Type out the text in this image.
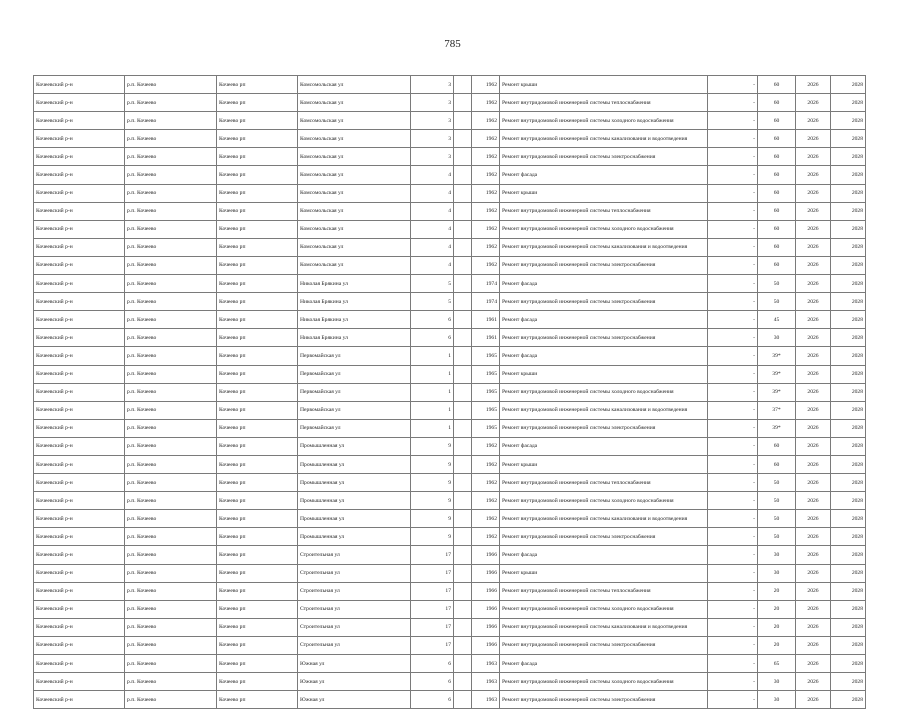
785
Кочеевский р-н	р.п. Кочеево	Кочеево рп	Комсомольская ул	3		1962	Ремонт крыши	-	60	2026	2028
Кочеевский р-н	р.п. Кочеево	Кочеево рп	Комсомольская ул	3		1962	Ремонт внутридомовой инженерной системы теплоснабжения	-	60	2026	2028
Кочеевский р-н	р.п. Кочеево	Кочеево рп	Комсомольская ул	3		1962	Ремонт внутридомовой инженерной системы холодного водоснабжения	-	60	2026	2028
Кочеевский р-н	р.п. Кочеево	Кочеево рп	Комсомольская ул	3		1962	Ремонт внутридомовой инженерной системы канализования и водоотведения	-	60	2026	2028
Кочеевский р-н	р.п. Кочеево	Кочеево рп	Комсомольская ул	3		1962	Ремонт внутридомовой инженерной системы электроснабжения	-	60	2026	2028
Кочеевский р-н	р.п. Кочеево	Кочеево рп	Комсомольская ул	4		1962	Ремонт фасада	-	60	2026	2028
Кочеевский р-н	р.п. Кочеево	Кочеево рп	Комсомольская ул	4		1962	Ремонт крыши	-	60	2026	2028
Кочеевский р-н	р.п. Кочеево	Кочеево рп	Комсомольская ул	4		1962	Ремонт внутридомовой инженерной системы теплоснабжения	-	60	2026	2028
Кочеевский р-н	р.п. Кочеево	Кочеево рп	Комсомольская ул	4		1962	Ремонт внутридомовой инженерной системы холодного водоснабжения	-	60	2026	2028
Кочеевский р-н	р.п. Кочеево	Кочеево рп	Комсомольская ул	4		1962	Ремонт внутридомовой инженерной системы канализования и водоотведения	-	60	2026	2028
Кочеевский р-н	р.п. Кочеево	Кочеево рп	Комсомольская ул	4		1962	Ремонт внутридомовой инженерной системы электроснабжения	-	60	2026	2028
Кочеевский р-н	р.п. Кочеево	Кочеево рп	Николая Брякина ул	5		1974	Ремонт фасада	-	50	2026	2028
Кочеевский р-н	р.п. Кочеево	Кочеево рп	Николая Брякина ул	5		1974	Ремонт внутридомовой инженерной системы электроснабжения	-	50	2026	2028
Кочеевский р-н	р.п. Кочеево	Кочеево рп	Николая Брякина ул	6		1961	Ремонт фасада	-	45	2026	2028
Кочеевский р-н	р.п. Кочеево	Кочеево рп	Николая Брякина ул	6		1961	Ремонт внутридомовой инженерной системы электроснабжения	-	30	2026	2028
Кочеевский р-н	р.п. Кочеево	Кочеево рп	Первомайская ул	1		1965	Ремонт фасада	-	39*	2026	2028
Кочеевский р-н	р.п. Кочеево	Кочеево рп	Первомайская ул	1		1965	Ремонт крыши	-	39*	2026	2028
Кочеевский р-н	р.п. Кочеево	Кочеево рп	Первомайская ул	1		1965	Ремонт внутридомовой инженерной системы холодного водоснабжения	-	39*	2026	2028
Кочеевский р-н	р.п. Кочеево	Кочеево рп	Первомайская ул	1		1965	Ремонт внутридомовой инженерной системы канализования и водоотведения	-	37*	2026	2028
Кочеевский р-н	р.п. Кочеево	Кочеево рп	Первомайская ул	1		1965	Ремонт внутридомовой инженерной системы электроснабжения	-	39*	2026	2028
Кочеевский р-н	р.п. Кочеево	Кочеево рп	Промышленная ул	9		1962	Ремонт фасада	-	60	2026	2028
Кочеевский р-н	р.п. Кочеево	Кочеево рп	Промышленная ул	9		1962	Ремонт крыши	-	60	2026	2028
Кочеевский р-н	р.п. Кочеево	Кочеево рп	Промышленная ул	9		1962	Ремонт внутридомовой инженерной системы теплоснабжения	-	50	2026	2028
Кочеевский р-н	р.п. Кочеево	Кочеево рп	Промышленная ул	9		1962	Ремонт внутридомовой инженерной системы холодного водоснабжения	-	50	2026	2028
Кочеевский р-н	р.п. Кочеево	Кочеево рп	Промышленная ул	9		1962	Ремонт внутридомовой инженерной системы канализования и водоотведения	-	50	2026	2028
Кочеевский р-н	р.п. Кочеево	Кочеево рп	Промышленная ул	9		1962	Ремонт внутридомовой инженерной системы электроснабжения	-	50	2026	2028
Кочеевский р-н	р.п. Кочеево	Кочеево рп	Строительная ул	17		1966	Ремонт фасада	-	30	2026	2028
Кочеевский р-н	р.п. Кочеево	Кочеево рп	Строительная ул	17		1966	Ремонт крыши	-	30	2026	2028
Кочеевский р-н	р.п. Кочеево	Кочеево рп	Строительная ул	17		1966	Ремонт внутридомовой инженерной системы теплоснабжения	-	20	2026	2028
Кочеевский р-н	р.п. Кочеево	Кочеево рп	Строительная ул	17		1966	Ремонт внутридомовой инженерной системы холодного водоснабжения	-	20	2026	2028
Кочеевский р-н	р.п. Кочеево	Кочеево рп	Строительная ул	17		1966	Ремонт внутридомовой инженерной системы канализования и водоотведения	-	20	2026	2028
Кочеевский р-н	р.п. Кочеево	Кочеево рп	Строительная ул	17		1966	Ремонт внутридомовой инженерной системы электроснабжения	-	20	2026	2028
Кочеевский р-н	р.п. Кочеево	Кочеево рп	Южная ул	6		1963	Ремонт фасада	-	65	2026	2028
Кочеевский р-н	р.п. Кочеево	Кочеево рп	Южная ул	6		1963	Ремонт внутридомовой инженерной системы холодного водоснабжения	-	30	2026	2028
Кочеевский р-н	р.п. Кочеево	Кочеево рп	Южная ул	6		1963	Ремонт внутридомовой инженерной системы электроснабжения	-	30	2026	2028
